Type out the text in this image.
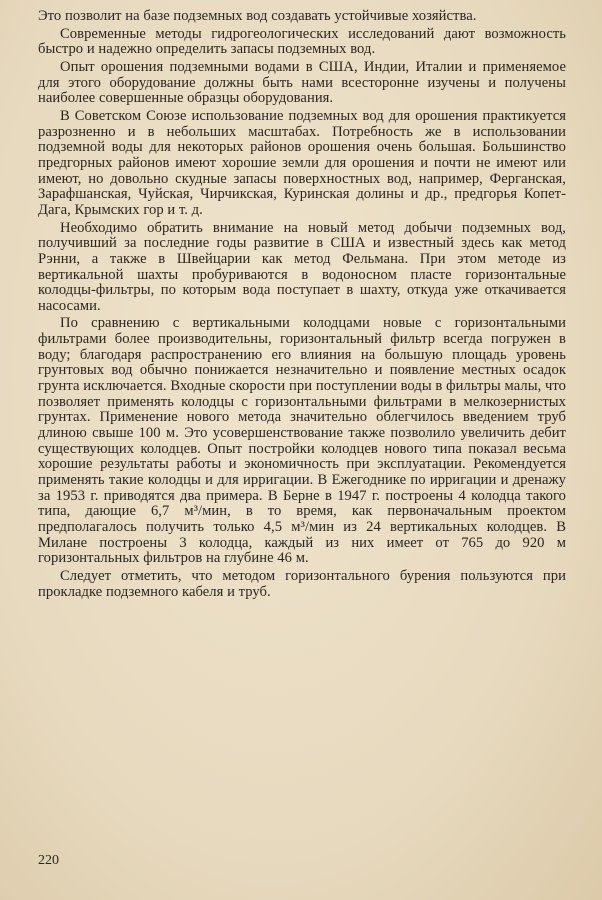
Это позволит на базе подземных вод создавать устойчивые хозяйства.

Современные методы гидрогеологических исследований дают возможность быстро и надежно определить запасы подземных вод.

Опыт орошения подземными водами в США, Индии, Италии и применяемое для этого оборудование должны быть нами всесторонне изучены и получены наиболее совершенные образцы оборудования.

В Советском Союзе использование подземных вод для орошения практикуется разрозненно и в небольших масштабах. Потребность же в использовании подземной воды для некоторых районов орошения очень большая. Большинство предгорных районов имеют хорошие земли для орошения и почти не имеют или имеют, но довольно скудные запасы поверхностных вод, например, Ферганская, Зарафшанская, Чуйская, Чирчикская, Куринская долины и др., предгорья Копет-Дага, Крымских гор и т. д.

Необходимо обратить внимание на новый метод добычи подземных вод, получивший за последние годы развитие в США и известный здесь как метод Рэнни, а также в Швейцарии как метод Фельмана. При этом методе из вертикальной шахты пробуриваются в водоносном пласте горизонтальные колодцы-фильтры, по которым вода поступает в шахту, откуда уже откачивается насосами.

По сравнению с вертикальными колодцами новые с горизонтальными фильтрами более производительны, горизонтальный фильтр всегда погружен в воду; благодаря распространению его влияния на большую площадь уровень грунтовых вод обычно понижается незначительно и появление местных осадок грунта исключается. Входные скорости при поступлении воды в фильтры малы, что позволяет применять колодцы с горизонтальными фильтрами в мелкозернистых грунтах. Применение нового метода значительно облегчилось введением труб длиною свыше 100 м. Это усовершенствование также позволило увеличить дебит существующих колодцев. Опыт постройки колодцев нового типа показал весьма хорошие результаты работы и экономичность при эксплуатации. Рекомендуется применять такие колодцы и для ирригации. В Ежегоднике по ирригации и дренажу за 1953 г. приводятся два примера. В Берне в 1947 г. построены 4 колодца такого типа, дающие 6,7 м³/мин, в то время, как первоначальным проектом предполагалось получить только 4,5 м³/мин из 24 вертикальных колодцев. В Милане построены 3 колодца, каждый из них имеет от 765 до 920 м горизонтальных фильтров на глубине 46 м.

Следует отметить, что методом горизонтального бурения пользуются при прокладке подземного кабеля и труб.

220
